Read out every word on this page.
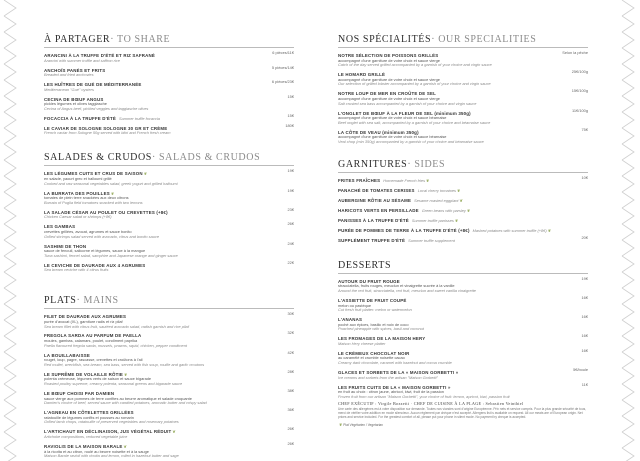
À PARTAGER· TO SHARE
ARANCINI À LA TRUFFE D'ÉTÉ ET RIZ SAFRANÉ
Arancini with summer truffle and saffron rice
6 pièces/11€
ANCHOÏS PANÉS ET FRITS
Breaded and fried anchovies
5 pièces/14€
LES HUÎTRES DE GUÉ DE MÉDITERRANÉE
Mediterranean "Gué" oysters
6 pièces/23€
CECINA DE BŒUF ANGUS
pickles légumes et olives taggiasche
Cecina of Angus beef, pickled veggies and taggiasche olives
15€
FOCACCIA À LA TRUFFE D'ÉTÉ Summer truffle focaccia
15€
LE CAVIAR DE SOLOGNE SOLOGNE 30 GR ET CRÈME
French caviar from Sologne 50g served with blini and French fresh cream
180€
SALADES & CRUDOS· SALADS & CRUDOS
LES LÉGUMES CUITS ET CRUS DE SAISON❦
en salade, yaourt grec et halloumi grillé
Cooked and raw seasonal vegetables salad, greek yogurt and grilled halloumi
19€
LA BURRATA DES POUILLES❦
tomates de plein terre snackées aux deux citrons
Burrata of Puglia field tomatoes snacked with two lemons
19€
LA SALADE CÉSAR AU POULET OU CREVETTES (+8€)
Chicken Caesar salad or shrimps (+8€)
23€
LES GAMBAS
crevettes grillées, avocat, agrumes et sauce bonito
Grilled shrimps salad served with avocado, citrus and bonito sauce
26€
SASHIMI DE THON
sauce de fenouil, salicorne et légumes, sauce à la mangue
Tuna sashimi, fennel salad, samphire and Japanese orange and ginger sauce
24€
LE CEVICHE DE DAURADE AUX 4 AGRUMES
Sea bream ceviche with 4 citrus fruits
22€
PLATS· MAINS
FILET DE DAURADE AUX AGRUMES
purée d'avocat (XL), garniture radis et riz pilaf
Sea bream fillet with citrus fruit, sautéed avocado salad, radish garnish and rice pilaf
30€
FREGOLA SARDA AU PARFUM DE PAELLA
moules, gambas, calamars, poulet, condiment paprika
Paella flavoured fregola sarda, mussels, prawns, squid, chicken, pepper condiment
32€
LA BOUILLABAISSE
rouget, loup, pagre, rascasse, crevettes et croûtons à l'ail
Red mullet, wreckfish, sea bream, sea bass, served with fish soup, rouille and garlic croutons
42€
LE SUPRÊME DE VOLAILLE RÔTIE❦
polenta crémeuse, légumes verts de saison et sauce bigarade
Roasted poultry supreme, creamy polenta, seasonal greens and bigarade sauce
28€
LE BŒUF CHOISI PAR DAMIEN
sauce vierge aux pommes de terre confites au beurre aromatique et salade croquante
Damien's choice of beef, served sauce with candied potatoes, aromatic butter and crispy salad
38€
L'AGNEAU EN CÔTELETTES GRILLÉES
ratatouille de légumes confits et pousses au romarin
Grilled lamb chops, ratatouille of preserved vegetables and rosemary potatoes
36€
L'ARTICHAUT EN DÉCLINAISON, JUS VÉGÉTAL RÉDUIT❦
Artichoke compositions, reduced vegetable juice
26€
RAVIOLIS DE LA MAISON BARALE❦
à la ricotta et au citron, roulé au beurre noisette et à la sauge
Maison Barale ravioli with ricotta and lemon, rolled in hazelnut butter and sage
26€
NOS SPÉCIALITÉS· OUR SPECIALITIES
NOTRE SÉLECTION DE POISSONS GRILLÉS
accompagné d'une garniture de votre choix et sauce vierge
Catch of the day served grilled accompanied by a garnish of your choice and virgin sauce
Selon la pêche
LE HOMARD GRILLÉ
accompagné d'une garniture de votre choix et sauce vierge
Our selection of grilled lobster accompanied by a garnish of your choice and virgin sauce
25€/100g
NOTRE LOUP DE MER EN CROÛTE DE SEL
accompagné d'une garniture de votre choix et sauce vierge
Salt crusted sea bass accompanied by a garnish of your choice and virgin sauce
15€/100g
L'ONGLET DE BŒUF À LA FLEUR DE SEL (minimum 350g)
accompagné d'une garniture de votre choix et sauce béarnaise
Beef onglet with sea salt, accompanied by a garnish of your choice and béarnaise sauce
11€/100g
LA CÔTE DE VEAU (minimum 350g)
accompagné d'une garniture de votre choix et sauce béarnaise
Veal chop (min 350g) accompanied by a garnish of your choice and béarnaise sauce
75€
GARNITURES· SIDES
FRITES FRAÎCHES Homemade French fries❦
10€
PANACHÉ DE TOMATES CERISES Local cherry tomatoes❦
AUBERGINE RÔTIE AU SÉSAME Sesame roasted eggplant❦
HARICOTS VERTS EN PERSILLADE Green beans with parsley❦
PANISSES À LA TRUFFE D'ÉTÉ Summer truffle panisses❦
PURÉE DE POMMES DE TERRE À LA TRUFFE D'ÉTÉ (+8€) Mashed potatoes with summer truffle (+8€)❦
SUPPLÉMENT TRUFFE D'ÉTÉ Summer truffle supplement
20€
DESSERTS
AUTOUR DU FRUIT ROUGE
stracciatella, fruits rouges, meuclun et vinaigrette sucrée à la vanille
Around the red fruit, stracciatella, red fruit, mesclun and sweet vanilla vinaigrette
19€
L'ASSIETTE DE FRUIT COUPÉ
melon ou pastèque
Cut fresh fruit platter: melon or watermelon
16€
L'ANANAS
poché aux épices, basilic et noix de coco
Poached pineapple with spices, basil and coconut
16€
LES FROMAGES DE LA MAISON HERY
Maison Hery cheese platter
16€
LE CRÉMEUX CHOCOLAT NOIR
au caramélé et crumble noisette cacao
Creamy dark chocolate, caramel with hazelnut and cocoa crumble
16€
GLACES ET SORBETS DE LA « MAISON GORBETTI »
Ice creams and sorbets from the artisan "Maison Gorbetti"
5€/boule
LES FRUITS CUITS DE LA « MAISON GORBETTI »
en fruit au choix : citron jaune, abricot, kiwi, fruit de la passion
Frozen fruit from our artisan "Maison Gorbetti", your choice of fruit: lemon, apricot, kiwi, passion fruit
11€
CHEF EXÉCUTIF : Virgile Bozzetti · CHEF DE CUISINE À LA PLAGE : Sebastien Veinthiel
Une carte des allergènes est à votre disposition sur demande. Toutes nos viandes sont d'origine Européenne. Prix nets et service compris. Pour la plus grande sécurité de tous, merci de vérifier votre addition en mode silencieux. Aucun règlement par chèque n'est accepté. Allergens list is available on request. All our meats are of European origin. Net prices and service included. For the greatest comfort of all, please put your phone in silent mode. No payment by cheque is accepted.
❦ Plat Végétarien / Vegetarian
